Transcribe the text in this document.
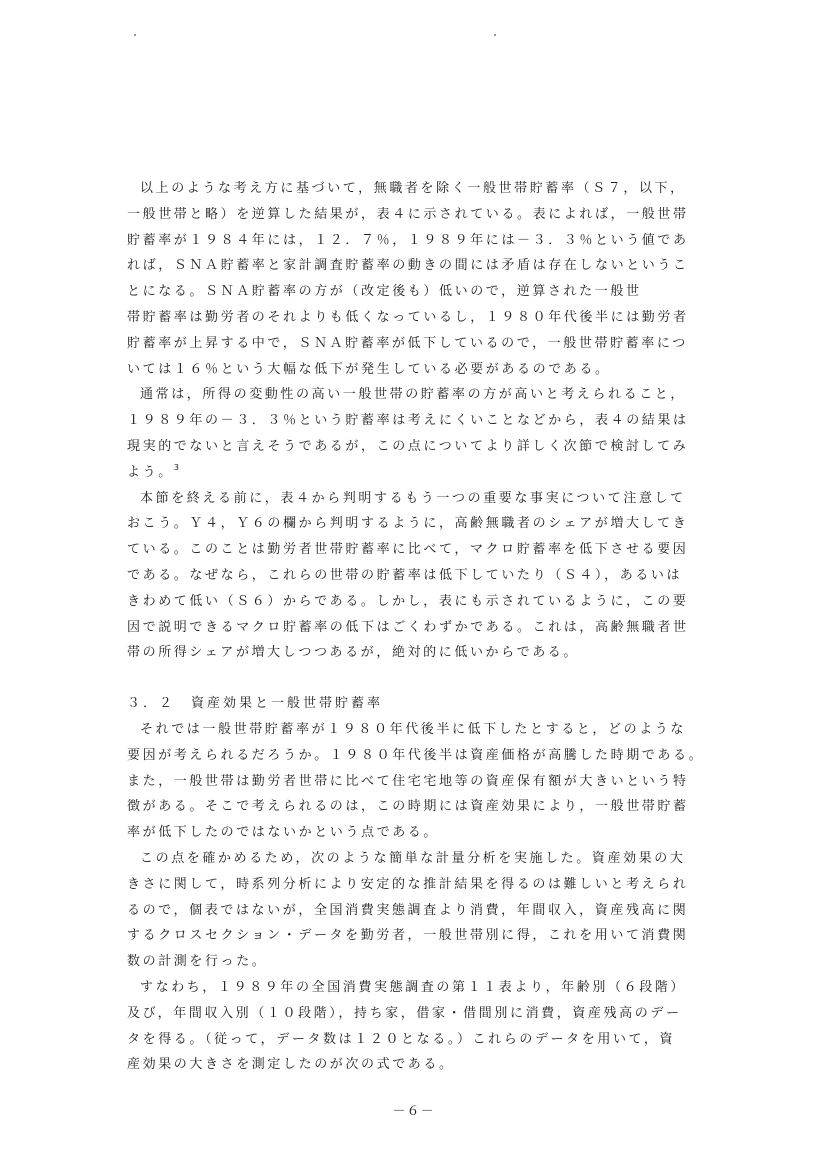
以上のような考え方に基づいて，無職者を除く一般世帯貯蓄率（Ｓ７，以下，
一般世帯と略）を逆算した結果が，表４に示されている。表によれば，一般世帯
貯蓄率が１９８４年には，１２．７％，１９８９年には－３．３％という値であ
れば，ＳＮＡ貯蓄率と家計調査貯蓄率の動きの間には矛盾は存在しないというこ
とになる。ＳＮＡ貯蓄率の方が（改定後も）低いので，逆算された一般世
帯貯蓄率は勤労者のそれよりも低くなっているし，１９８０年代後半には勤労者
貯蓄率が上昇する中で，ＳＮＡ貯蓄率が低下しているので，一般世帯貯蓄率につ
いては１６％という大幅な低下が発生している必要があるのである。
通常は，所得の変動性の高い一般世帯の貯蓄率の方が高いと考えられること，
１９８９年の－３．３％という貯蓄率は考えにくいことなどから，表４の結果は
現実的でないと言えそうであるが，この点についてより詳しく次節で検討してみ
よう。$^3$
本節を終える前に，表４から判明するもう一つの重要な事実について注意して
おこう。Ｙ４，Ｙ６の欄から判明するように，高齢無職者のシェアが増大してき
ている。このことは勤労者世帯貯蓄率に比べて，マクロ貯蓄率を低下させる要因
である。なぜなら，これらの世帯の貯蓄率は低下していたり（Ｓ４），あるいは
きわめて低い（Ｓ６）からである。しかし，表にも示されているように，この要
因で説明できるマクロ貯蓄率の低下はごくわずかである。これは，高齢無職者世
帯の所得シェアが増大しつつあるが，絶対的に低いからである。
３．２　資産効果と一般世帯貯蓄率
それでは一般世帯貯蓄率が１９８０年代後半に低下したとすると，どのような
要因が考えられるだろうか。１９８０年代後半は資産価格が高騰した時期である。
また，一般世帯は勤労者世帯に比べて住宅宅地等の資産保有額が大きいという特
徴がある。そこで考えられるのは，この時期には資産効果により，一般世帯貯蓄
率が低下したのではないかという点である。
この点を確かめるため，次のような簡単な計量分析を実施した。資産効果の大
きさに関して，時系列分析により安定的な推計結果を得るのは難しいと考えられ
るので，個表ではないが，全国消費実態調査より消費，年間収入，資産残高に関
するクロスセクション・データを勤労者，一般世帯別に得，これを用いて消費関
数の計測を行った。
すなわち，１９８９年の全国消費実態調査の第１１表より，年齢別（６段階）
及び，年間収入別（１０段階），持ち家，借家・借間別に消費，資産残高のデー
タを得る。（従って，データ数は１２０となる。）これらのデータを用いて，資
産効果の大きさを測定したのが次の式である。
－６－
